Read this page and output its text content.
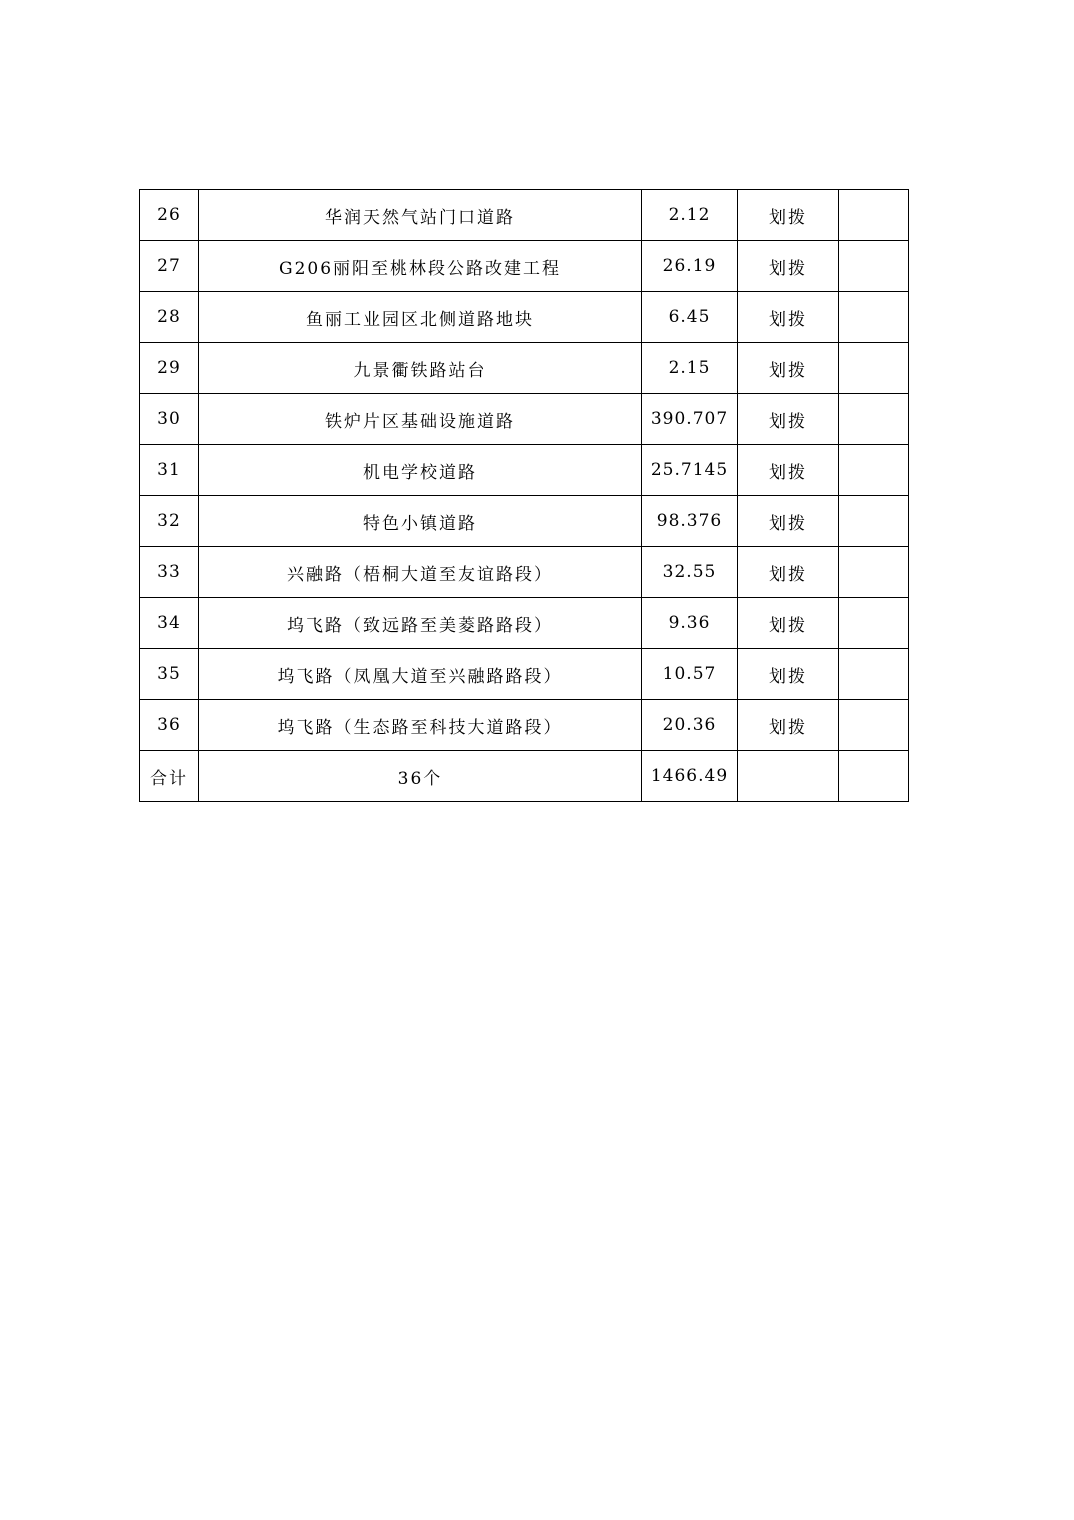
26	华润天然气站门口道路	2.12	划拨	
27	G206丽阳至桃林段公路改建工程	26.19	划拨	
28	鱼丽工业园区北侧道路地块	6.45	划拨	
29	九景衢铁路站台	2.15	划拨	
30	铁炉片区基础设施道路	390.707	划拨	
31	机电学校道路	25.7145	划拨	
32	特色小镇道路	98.376	划拨	
33	兴融路（梧桐大道至友谊路段）	32.55	划拨	
34	坞飞路（致远路至美菱路路段）	9.36	划拨	
35	坞飞路（凤凰大道至兴融路路段）	10.57	划拨	
36	坞飞路（生态路至科技大道路段）	20.36	划拨	
合计	36个	1466.49		
